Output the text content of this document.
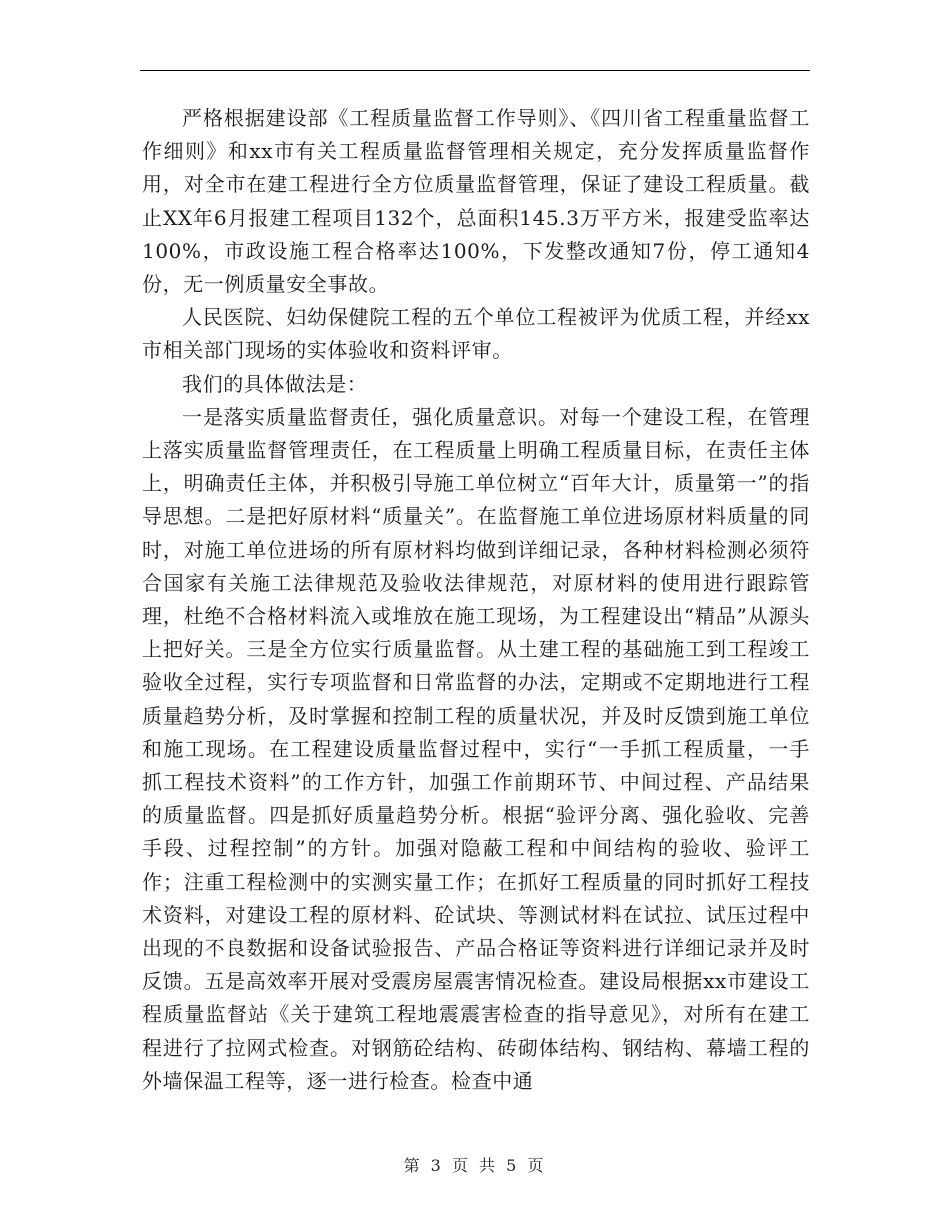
严格根据建设部《工程质量监督工作导则》、《四川省工程重量监督工作细则》和xx市有关工程质量监督管理相关规定，充分发挥质量监督作用，对全市在建工程进行全方位质量监督管理，保证了建设工程质量。截止XX年6月报建工程项目132个，总面积145.3万平方米，报建受监率达100%，市政设施工程合格率达100%，下发整改通知7份，停工通知4份，无一例质量安全事故。

人民医院、妇幼保健院工程的五个单位工程被评为优质工程，并经xx市相关部门现场的实体验收和资料评审。

我们的具体做法是：

一是落实质量监督责任，强化质量意识。对每一个建设工程，在管理上落实质量监督管理责任，在工程质量上明确工程质量目标，在责任主体上，明确责任主体，并积极引导施工单位树立“百年大计，质量第一”的指导思想。二是把好原材料“质量关”。在监督施工单位进场原材料质量的同时，对施工单位进场的所有原材料均做到详细记录，各种材料检测必须符合国家有关施工法律规范及验收法律规范，对原材料的使用进行跟踪管理，杜绝不合格材料流入或堆放在施工现场，为工程建设出“精品”从源头上把好关。三是全方位实行质量监督。从土建工程的基础施工到工程竣工验收全过程，实行专项监督和日常监督的办法，定期或不定期地进行工程质量趋势分析，及时掌握和控制工程的质量状况，并及时反馈到施工单位和施工现场。在工程建设质量监督过程中，实行“一手抓工程质量，一手抓工程技术资料”的工作方针，加强工作前期环节、中间过程、产品结果的质量监督。四是抓好质量趋势分析。根据“验评分离、强化验收、完善手段、过程控制”的方针。加强对隐蔽工程和中间结构的验收、验评工作；注重工程检测中的实测实量工作；在抓好工程质量的同时抓好工程技术资料，对建设工程的原材料、砼试块、等测试材料在试拉、试压过程中出现的不良数据和设备试验报告、产品合格证等资料进行详细记录并及时反馈。五是高效率开展对受震房屋震害情况检查。建设局根据xx市建设工程质量监督站《关于建筑工程地震震害检查的指导意见》，对所有在建工程进行了拉网式检查。对钢筋砼结构、砖砌体结构、钢结构、幕墙工程的外墙保温工程等，逐一进行检查。检查中通

第 3 页 共 5 页
